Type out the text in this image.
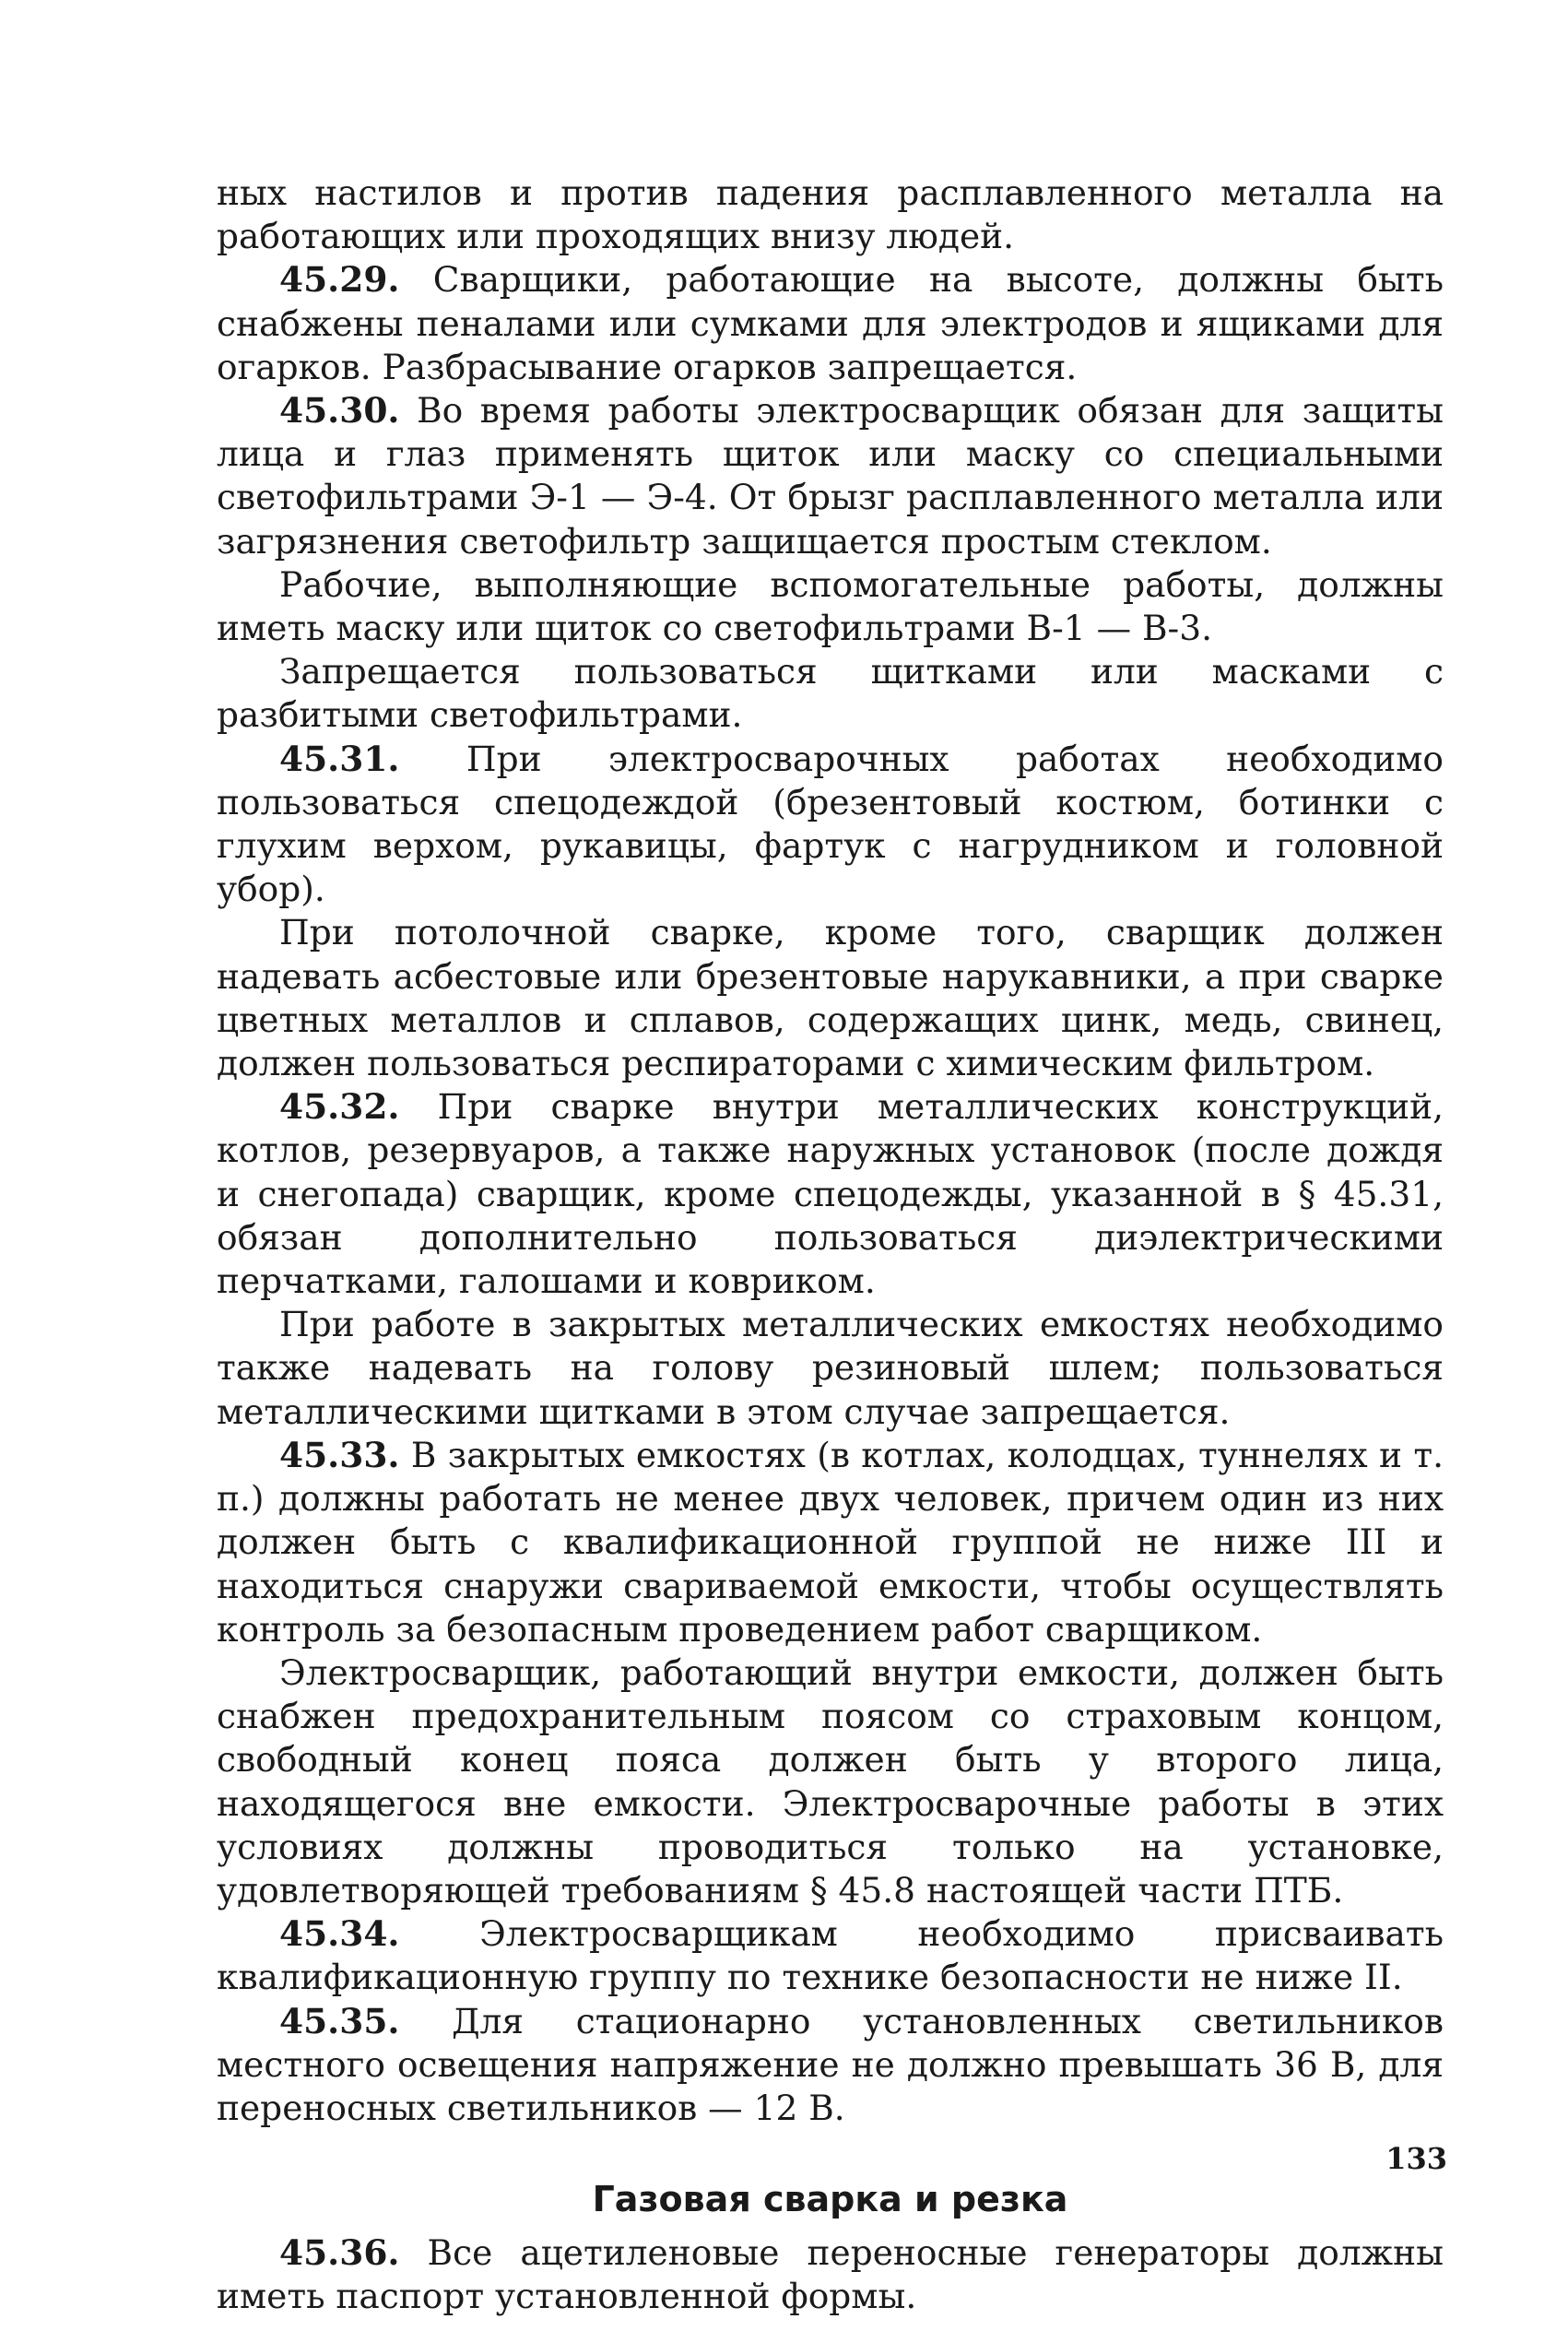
ных настилов и против падения расплавленного металла на работающих или проходящих внизу людей.

45.29. Сварщики, работающие на высоте, должны быть снабжены пеналами или сумками для электродов и ящиками для огарков. Разбрасывание огарков запрещается.

45.30. Во время работы электросварщик обязан для защиты лица и глаз применять щиток или маску со специальными светофильтрами Э-1 — Э-4. От брызг расплавленного металла или загрязнения светофильтр защищается простым стеклом.

Рабочие, выполняющие вспомогательные работы, должны иметь маску или щиток со светофильтрами В-1 — В-3.

Запрещается пользоваться щитками или масками с разбитыми светофильтрами.

45.31. При электросварочных работах необходимо пользоваться спецодеждой (брезентовый костюм, ботинки с глухим верхом, рукавицы, фартук с нагрудником и головной убор).

При потолочной сварке, кроме того, сварщик должен надевать асбестовые или брезентовые нарукавники, а при сварке цветных металлов и сплавов, содержащих цинк, медь, свинец, должен пользоваться респираторами с химическим фильтром.

45.32. При сварке внутри металлических конструкций, котлов, резервуаров, а также наружных установок (после дождя и снегопада) сварщик, кроме спецодежды, указанной в § 45.31, обязан дополнительно пользоваться диэлектрическими перчатками, галошами и ковриком.

При работе в закрытых металлических емкостях необходимо также надевать на голову резиновый шлем; пользоваться металлическими щитками в этом случае запрещается.

45.33. В закрытых емкостях (в котлах, колодцах, туннелях и т. п.) должны работать не менее двух человек, причем один из них должен быть с квалификационной группой не ниже III и находиться снаружи свариваемой емкости, чтобы осуществлять контроль за безопасным проведением работ сварщиком.

Электросварщик, работающий внутри емкости, должен быть снабжен предохранительным поясом со страховым концом, свободный конец пояса должен быть у второго лица, находящегося вне емкости. Электросварочные работы в этих условиях должны проводиться только на установке, удовлетворяющей требованиям § 45.8 настоящей части ПТБ.

45.34. Электросварщикам необходимо присваивать квалификационную группу по технике безопасности не ниже II.

45.35. Для стационарно установленных светильников местного освещения напряжение не должно превышать 36 В, для переносных светильников — 12 В.

Газовая сварка и резка

45.36. Все ацетиленовые переносные генераторы должны иметь паспорт установленной формы.

133
